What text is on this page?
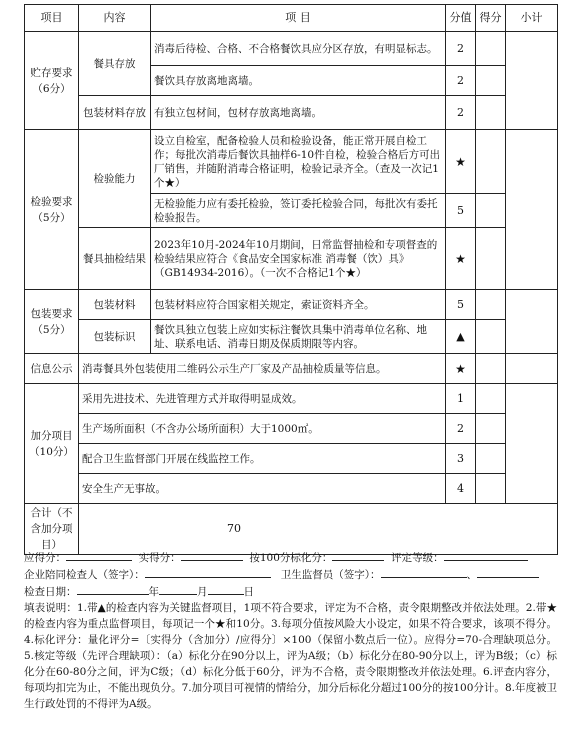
项目	内容	项 目	分值	得分	小计
贮存要求（6分）	餐具存放	消毒后待检、合格、不合格餐饮具应分区存放，有明显标志。	2		
		餐饮具存放离地离墙。	2		
	包装材料存放	有独立包材间，包材存放离地离墙。	2		
检验要求（5分）	检验能力	设立自检室，配备检验人员和检验设备，能正常开展自检工作；每批次消毒后餐饮具抽样6-10件自检，检验合格后方可出厂销售，并随附消毒合格证明，检验记录齐全。（查及一次记1个★）	★		
		无检验能力应有委托检验，签订委托检验合同，每批次有委托检验报告。	5		
	餐具抽检结果	2023年10月-2024年10月期间，日常监督抽检和专项督查的检验结果应符合《食品安全国家标准 消毒餐（饮）具》（GB14934-2016）。（一次不合格记1个★）	★		
包装要求（5分）	包装材料	包装材料应符合国家相关规定，索证资料齐全。	5		
	包装标识	餐饮具独立包装上应如实标注餐饮具集中消毒单位名称、地址、联系电话、消毒日期及保质期限等内容。	▲		
信息公示	消毒餐具外包装使用二维码公示生产厂家及产品抽检质量等信息。		★		
加分项目（10分）	采用先进技术、先进管理方式并取得明显成效。		1		
	生产场所面积（不含办公场所面积）大于1000㎡。		2		
	配合卫生监督部门开展在线监控工作。		3		
	安全生产无事故。		4		
合计（不含加分项目）	70				
应得分：	实得分：	按100分标化分：	评定等级：
企业陪同检查人（签字）：	卫生监督员（签字）：	、
检查日期：	年	月	日
填表说明：1.带▲的检查内容为关键监督项目，1项不符合要求，评定为不合格，责令限期整改并依法处理。2.带★的检查内容为重点监督项目，每项记一个★和10分。3.每项分值按风险大小设定，如果不符合要求，该项不得分。4.标化评分：量化评分=〔实得分（含加分）/应得分〕×100（保留小数点后一位）。应得分=70-合理缺项总分。5.核定等级（先评合理缺项）：（a）标化分在90分以上，评为A级；（b）标化分在80-90分以上，评为B级；（c）标化分在60-80分之间，评为C级；（d）标化分低于60分，评为不合格，责令限期整改并依法处理。6.评查内容分，每项均扣完为止，不能出现负分。7.加分项目可视情的情给分，加分后标化分超过100分的按100分计。8.年度被卫生行政处罚的不得评为A级。
